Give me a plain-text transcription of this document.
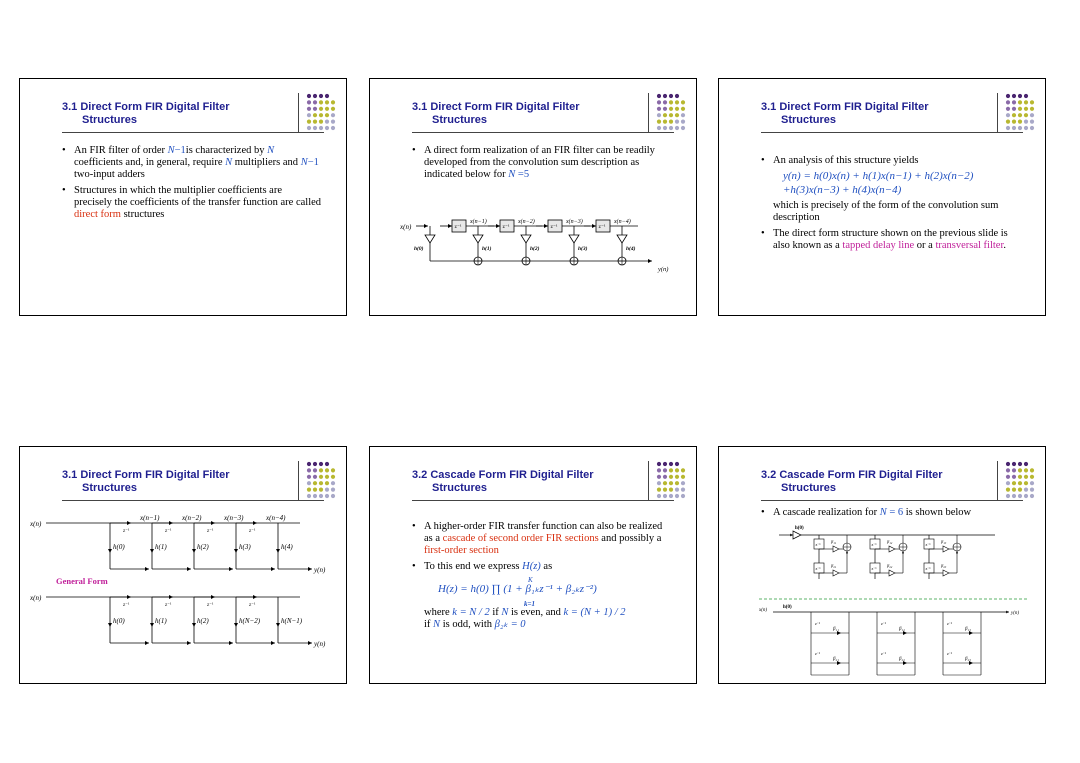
3.1 Direct Form FIR Digital Filter
Structures
• An FIR filter of order N−1is characterized by N coefficients and, in general, require N multipliers and N−1 two-input adders
• Structures in which the multiplier coefficients are precisely the coefficients of the transfer function are called direct form structures
3.1 Direct Form FIR Digital Filter
Structures
• A direct form realization of an FIR filter can be readily developed from the convolution sum description as indicated below for N =5
x(n)	z⁻¹
x(n−1)
z⁻¹
x(n−2)
z⁻¹
x(n−3)
z⁻¹
x(n−4)
h(0)	h(1)	h(2)	h(3)	h(4)
y(n)
3.1 Direct Form FIR Digital Filter
Structures
• An analysis of this structure yields
y(n) = h(0)x(n) + h(1)x(n−1) + h(2)x(n−2)
+h(3)x(n−3) + h(4)x(n−4)
which is precisely of the form of the convolution sum description
• The direct form structure shown on the previous slide is also known as a tapped delay line or a transversal filter.
3.1 Direct Form FIR Digital Filter
Structures
x(n)
z⁻¹
x(n−1)
z⁻¹
x(n−2)
z⁻¹
x(n−3)
z⁻¹
x(n−4)
h(0)	h(1)	h(2)	h(3)	h(4)
y(n)
General Form
x(n)
z⁻¹	z⁻¹	z⁻¹	z⁻¹
h(0)	h(1)	h(2)	h(N−2)	h(N−1)
y(n)
3.2 Cascade Form FIR Digital Filter
Structures
• A higher-order FIR transfer function can also be realized as a cascade of second order FIR sections and possibly a first-order section
• To this end we express H(z) as
K
H(z) = h(0) ∏ (1 + β₁ₖz⁻¹ + β₂ₖz⁻²)
k=1
where k = N / 2 if N is even, and k = (N + 1) / 2
if N is odd, with β₂ₖ = 0
3.2 Cascade Form FIR Digital Filter
Structures
• A cascade realization for N = 6 is shown below
h(0)
z⁻¹
β₁₁
z⁻¹
β₂₁
z⁻¹
β₁₂
z⁻¹
β₂₂
z⁻¹
β₁₃
z⁻¹
β₂₃
x(n)
h(0)
y(n)
z⁻¹
β₁₁
z⁻¹
β₂₁
z⁻¹
β₁₂
z⁻¹
β₂₂
z⁻¹
β₁₃
z⁻¹
β₂₃
